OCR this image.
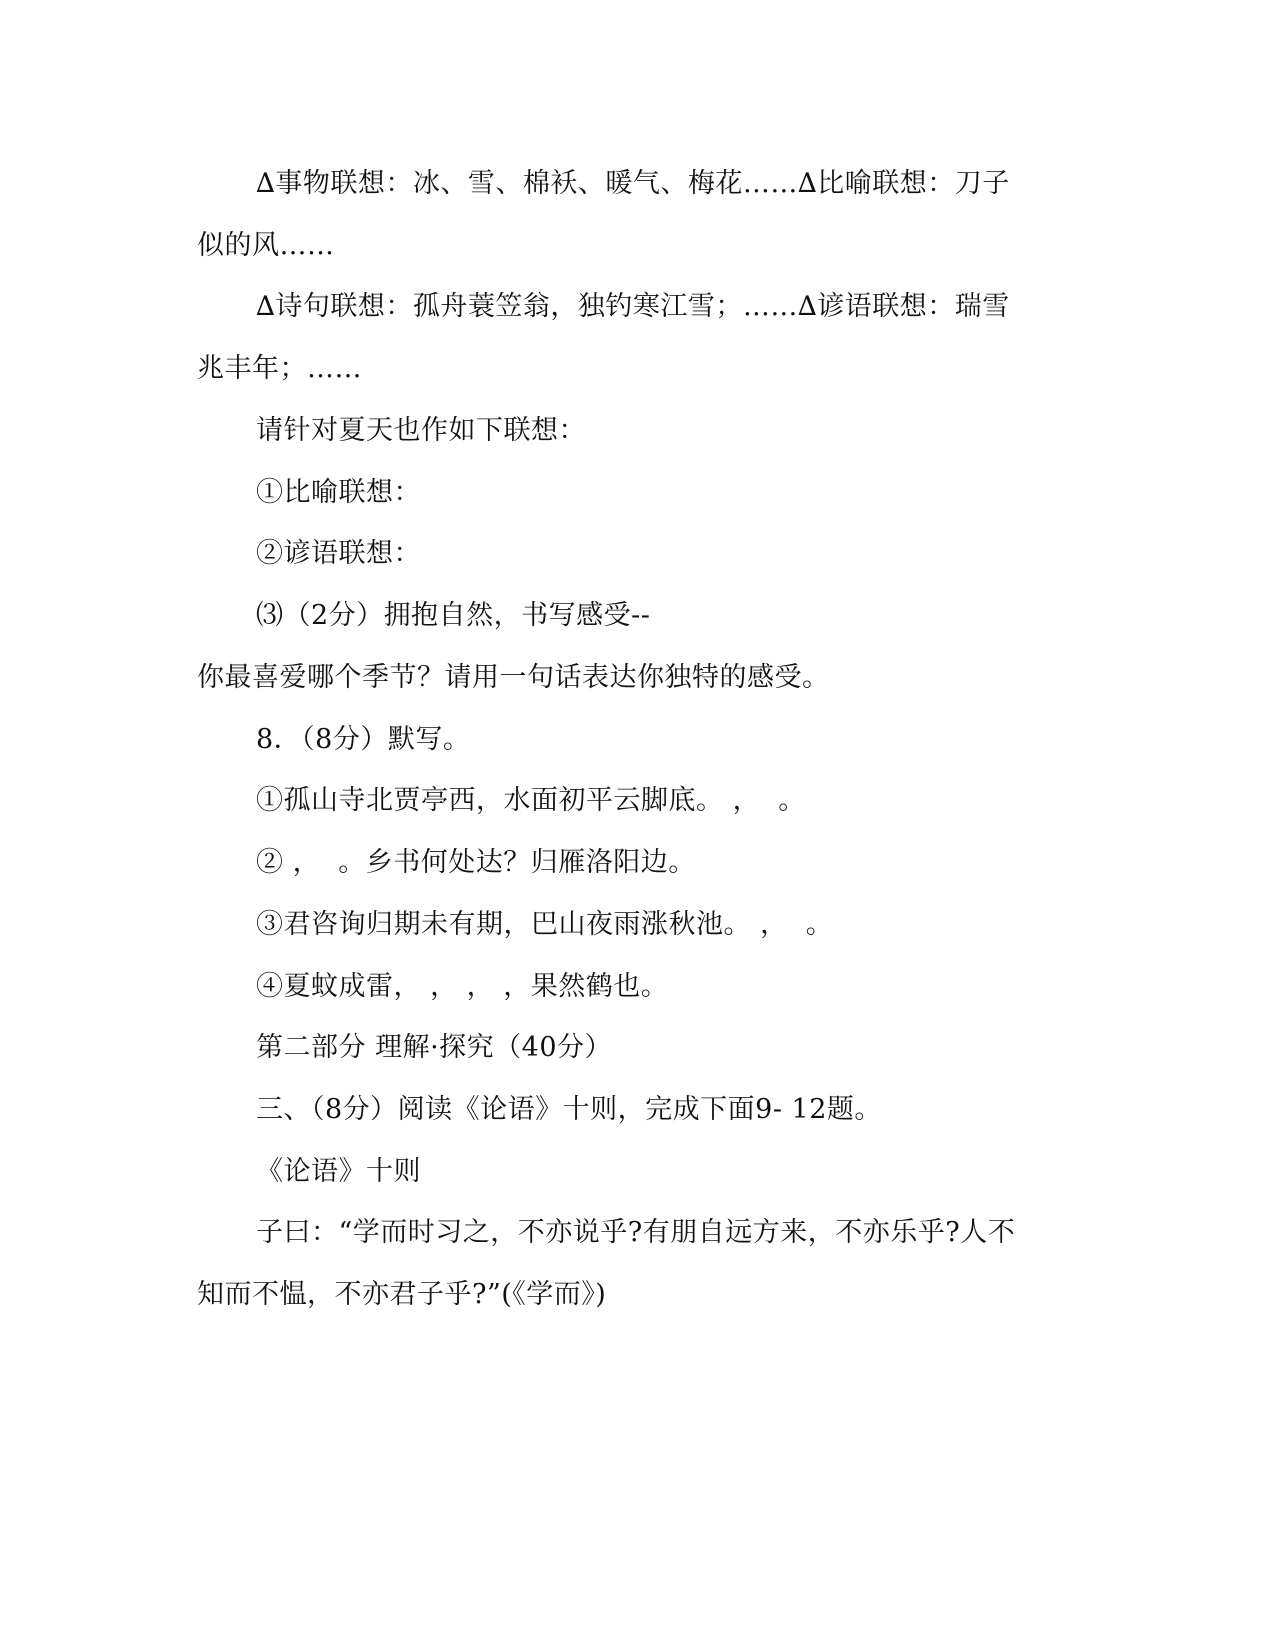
∆事物联想：冰、雪、棉袄、暖气、梅花……∆比喻联想：刀子
似的风……
∆诗句联想：孤舟蓑笠翁，独钓寒江雪；……∆谚语联想：瑞雪
兆丰年；……
请针对夏天也作如下联想：
①比喻联想：
②谚语联想：
⑶（2分）拥抱自然，书写感受--
你最喜爱哪个季节？请用一句话表达你独特的感受。
8．（8分）默写。
①孤山寺北贾亭西，水面初平云脚底。 ，  。
② ，  。乡书何处达？归雁洛阳边。
③君咨询归期未有期，巴山夜雨涨秋池。 ，  。
④夏蚊成雷， ， ， ，果然鹤也。
第二部分 理解·探究（40分）
三、（8分）阅读《论语》十则，完成下面9- 12题。
《论语》十则
子曰：“学而时习之，不亦说乎?有朋自远方来，不亦乐乎?人不
知而不愠，不亦君子乎?”(《学而》)
